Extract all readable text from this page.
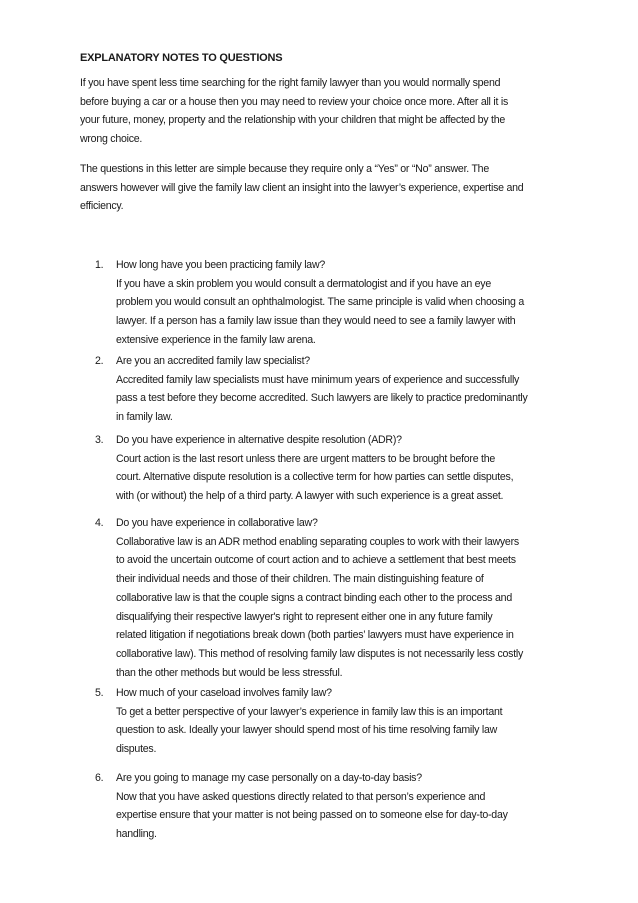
EXPLANATORY NOTES TO QUESTIONS

If you have spent less time searching for the right family lawyer than you would normally spend
before buying a car or a house then you may need to review your choice once more. After all it is
your future, money, property and the relationship with your children that might be affected by the
wrong choice.

The questions in this letter are simple because they require only a “Yes” or “No” answer. The
answers however will give the family law client an insight into the lawyer’s experience, expertise and
efficiency.

1. How long have you been practicing family law?
If you have a skin problem you would consult a dermatologist and if you have an eye
problem you would consult an ophthalmologist. The same principle is valid when choosing a
lawyer. If a person has a family law issue than they would need to see a family lawyer with
extensive experience in the family law arena.
2. Are you an accredited family law specialist?
Accredited family law specialists must have minimum years of experience and successfully
pass a test before they become accredited. Such lawyers are likely to practice predominantly
in family law.
3. Do you have experience in alternative despite resolution (ADR)?
Court action is the last resort unless there are urgent matters to be brought before the
court. Alternative dispute resolution is a collective term for how parties can settle disputes,
with (or without) the help of a third party. A lawyer with such experience is a great asset.
4. Do you have experience in collaborative law?
Collaborative law is an ADR method enabling separating couples to work with their lawyers
to avoid the uncertain outcome of court action and to achieve a settlement that best meets
their individual needs and those of their children. The main distinguishing feature of
collaborative law is that the couple signs a contract binding each other to the process and
disqualifying their respective lawyer's right to represent either one in any future family
related litigation if negotiations break down (both parties’ lawyers must have experience in
collaborative law). This method of resolving family law disputes is not necessarily less costly
than the other methods but would be less stressful.
5. How much of your caseload involves family law?
To get a better perspective of your lawyer’s experience in family law this is an important
question to ask. Ideally your lawyer should spend most of his time resolving family law
disputes.
6. Are you going to manage my case personally on a day-to-day basis?
Now that you have asked questions directly related to that person’s experience and
expertise ensure that your matter is not being passed on to someone else for day-to-day
handling.
